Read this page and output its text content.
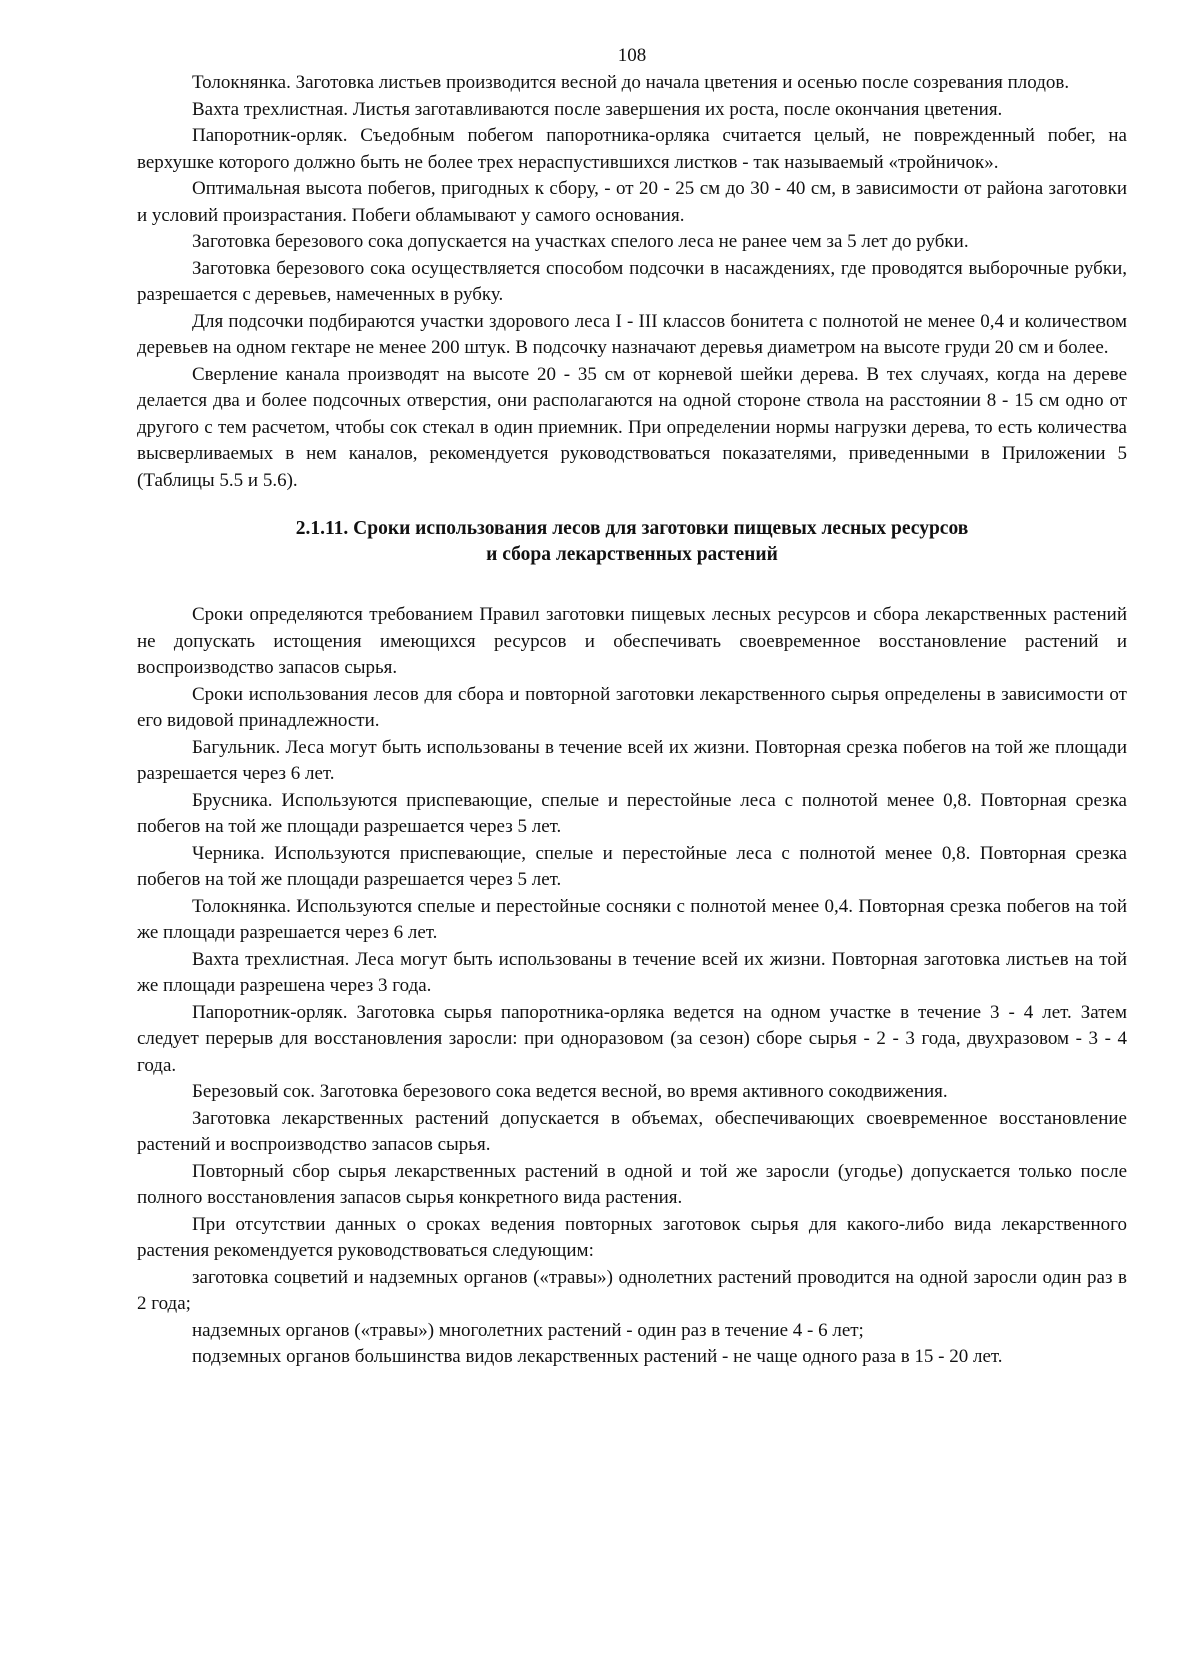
108

Толокнянка. Заготовка листьев производится весной до начала цветения и осенью после созревания плодов.

Вахта трехлистная. Листья заготавливаются после завершения их роста, после окончания цветения.

Папоротник-орляк. Съедобным побегом папоротника-орляка считается целый, не поврежденный побег, на верхушке которого должно быть не более трех нераспустившихся листков - так называемый «тройничок».

Оптимальная высота побегов, пригодных к сбору, - от 20 - 25 см до 30 - 40 см, в зависимости от района заготовки и условий произрастания. Побеги обламывают у самого основания.

Заготовка березового сока допускается на участках спелого леса не ранее чем за 5 лет до рубки.

Заготовка березового сока осуществляется способом подсочки в насаждениях, где проводятся выборочные рубки, разрешается с деревьев, намеченных в рубку.

Для подсочки подбираются участки здорового леса I - III классов бонитета с полнотой не менее 0,4 и количеством деревьев на одном гектаре не менее 200 штук. В подсочку назначают деревья диаметром на высоте груди 20 см и более.

Сверление канала производят на высоте 20 - 35 см от корневой шейки дерева. В тех случаях, когда на дереве делается два и более подсочных отверстия, они располагаются на одной стороне ствола на расстоянии 8 - 15 см одно от другого с тем расчетом, чтобы сок стекал в один приемник. При определении нормы нагрузки дерева, то есть количества высверливаемых в нем каналов, рекомендуется руководствоваться показателями, приведенными в Приложении 5 (Таблицы 5.5 и 5.6).

2.1.11. Сроки использования лесов для заготовки пищевых лесных ресурсов
и сбора лекарственных растений

Сроки определяются требованием Правил заготовки пищевых лесных ресурсов и сбора лекарственных растений не допускать истощения имеющихся ресурсов и обеспечивать своевременное восстановление растений и воспроизводство запасов сырья.

Сроки использования лесов для сбора и повторной заготовки лекарственного сырья определены в зависимости от его видовой принадлежности.

Багульник. Леса могут быть использованы в течение всей их жизни. Повторная срезка побегов на той же площади разрешается через 6 лет.

Брусника. Используются приспевающие, спелые и перестойные леса с полнотой менее 0,8. Повторная срезка побегов на той же площади разрешается через 5 лет.

Черника. Используются приспевающие, спелые и перестойные леса с полнотой менее 0,8. Повторная срезка побегов на той же площади разрешается через 5 лет.

Толокнянка. Используются спелые и перестойные сосняки с полнотой менее 0,4. Повторная срезка побегов на той же площади разрешается через 6 лет.

Вахта трехлистная. Леса могут быть использованы в течение всей их жизни. Повторная заготовка листьев на той же площади разрешена через 3 года.

Папоротник-орляк. Заготовка сырья папоротника-орляка ведется на одном участке в течение 3 - 4 лет. Затем следует перерыв для восстановления заросли: при одноразовом (за сезон) сборе сырья - 2 - 3 года, двухразовом - 3 - 4 года.

Березовый сок. Заготовка березового сока ведется весной, во время активного сокодвижения.

Заготовка лекарственных растений допускается в объемах, обеспечивающих своевременное восстановление растений и воспроизводство запасов сырья.

Повторный сбор сырья лекарственных растений в одной и той же заросли (угодье) допускается только после полного восстановления запасов сырья конкретного вида растения.

При отсутствии данных о сроках ведения повторных заготовок сырья для какого-либо вида лекарственного растения рекомендуется руководствоваться следующим:

заготовка соцветий и надземных органов («травы») однолетних растений проводится на одной заросли один раз в 2 года;

надземных органов («травы») многолетних растений - один раз в течение 4 - 6 лет;

подземных органов большинства видов лекарственных растений - не чаще одного раза в 15 - 20 лет.
